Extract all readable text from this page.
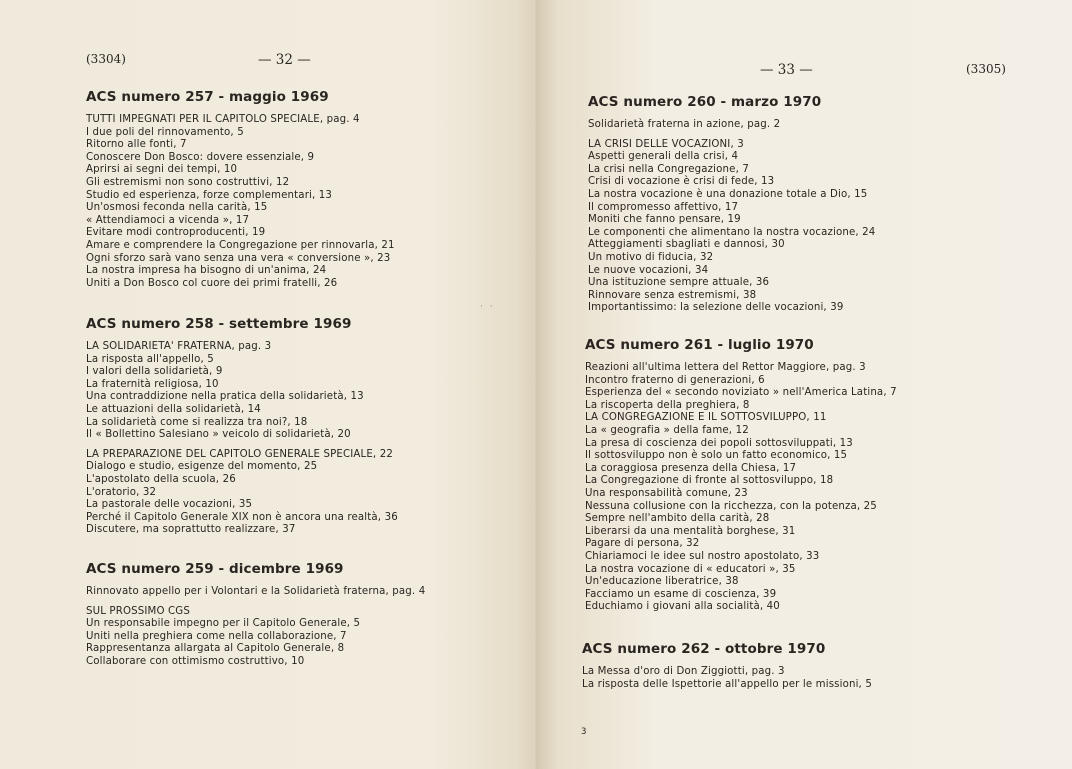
(3304)	— 32 —
ACS numero 257 - maggio 1969
TUTTI IMPEGNATI PER IL CAPITOLO SPECIALE, pag. 4
I due poli del rinnovamento, 5
Ritorno alle fonti, 7
Conoscere Don Bosco: dovere essenziale, 9
Aprirsi ai segni dei tempi, 10
Gli estremismi non sono costruttivi, 12
Studio ed esperienza, forze complementari, 13
Un'osmosi feconda nella carità, 15
« Attendiamoci a vicenda », 17
Evitare modi controproducenti, 19
Amare e comprendere la Congregazione per rinnovarla, 21
Ogni sforzo sarà vano senza una vera « conversione », 23
La nostra impresa ha bisogno di un'anima, 24
Uniti a Don Bosco col cuore dei primi fratelli, 26
ACS numero 258 - settembre 1969
LA SOLIDARIETA' FRATERNA, pag. 3
La risposta all'appello, 5
I valori della solidarietà, 9
La fraternità religiosa, 10
Una contraddizione nella pratica della solidarietà, 13
Le attuazioni della solidarietà, 14
La solidarietà come si realizza tra noi?, 18
Il « Bollettino Salesiano » veicolo di solidarietà, 20
LA PREPARAZIONE DEL CAPITOLO GENERALE SPECIALE, 22
Dialogo e studio, esigenze del momento, 25
L'apostolato della scuola, 26
L'oratorio, 32
La pastorale delle vocazioni, 35
Perché il Capitolo Generale XIX non è ancora una realtà, 36
Discutere, ma soprattutto realizzare, 37
ACS numero 259 - dicembre 1969
Rinnovato appello per i Volontari e la Solidarietà fraterna, pag. 4
SUL PROSSIMO CGS
Un responsabile impegno per il Capitolo Generale, 5
Uniti nella preghiera come nella collaborazione, 7
Rappresentanza allargata al Capitolo Generale, 8
Collaborare con ottimismo costruttivo, 10
· ·
— 33 —	(3305)
ACS numero 260 - marzo 1970
Solidarietà fraterna in azione, pag. 2
LA CRISI DELLE VOCAZIONI, 3
Aspetti generali della crisi, 4
La crisi nella Congregazione, 7
Crisi di vocazione è crisi di fede, 13
La nostra vocazione è una donazione totale a Dio, 15
Il compromesso affettivo, 17
Moniti che fanno pensare, 19
Le componenti che alimentano la nostra vocazione, 24
Atteggiamenti sbagliati e dannosi, 30
Un motivo di fiducia, 32
Le nuove vocazioni, 34
Una istituzione sempre attuale, 36
Rinnovare senza estremismi, 38
Importantissimo: la selezione delle vocazioni, 39
ACS numero 261 - luglio 1970
Reazioni all'ultima lettera del Rettor Maggiore, pag. 3
Incontro fraterno di generazioni, 6
Esperienza del « secondo noviziato » nell'America Latina, 7
La riscoperta della preghiera, 8
LA CONGREGAZIONE E IL SOTTOSVILUPPO, 11
La « geografia » della fame, 12
La presa di coscienza dei popoli sottosviluppati, 13
Il sottosviluppo non è solo un fatto economico, 15
La coraggiosa presenza della Chiesa, 17
La Congregazione di fronte al sottosviluppo, 18
Una responsabilità comune, 23
Nessuna collusione con la ricchezza, con la potenza, 25
Sempre nell'ambito della carità, 28
Liberarsi da una mentalità borghese, 31
Pagare di persona, 32
Chiariamoci le idee sul nostro apostolato, 33
La nostra vocazione di « educatori », 35
Un'educazione liberatrice, 38
Facciamo un esame di coscienza, 39
Educhiamo i giovani alla socialità, 40
ACS numero 262 - ottobre 1970
La Messa d'oro di Don Ziggiotti, pag. 3
La risposta delle Ispettorie all'appello per le missioni, 5
3
